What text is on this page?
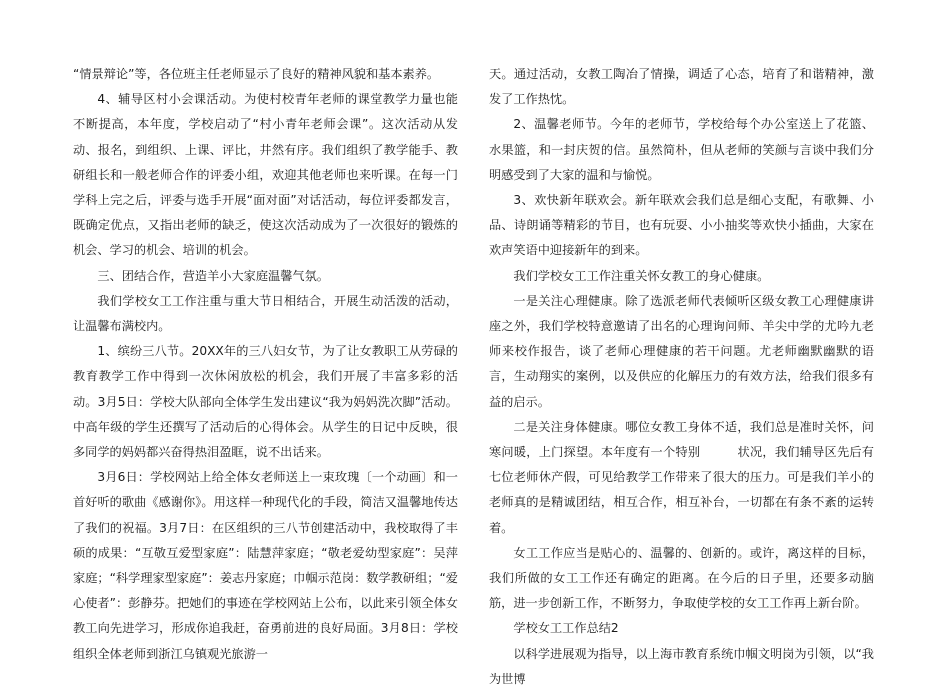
“情景辩论”等，各位班主任老师显示了良好的精神风貌和基本素养。

4、辅导区村小会课活动。为使村校青年老师的课堂教学力量也能不断提高，本年度，学校启动了“村小青年老师会课”。这次活动从发动、报名，到组织、上课、评比，井然有序。我们组织了教学能手、教研组长和一般老师合作的评委小组，欢迎其他老师也来听课。在每一门学科上完之后，评委与选手开展“面对面”对话活动，每位评委都发言，既确定优点，又指出老师的缺乏，使这次活动成为了一次很好的锻炼的机会、学习的机会、培训的机会。

三、团结合作，营造羊小大家庭温馨气氛。

我们学校女工工作注重与重大节日相结合，开展生动活泼的活动，让温馨布满校内。

1、缤纷三八节。20XX年的三八妇女节，为了让女教职工从劳碌的教育教学工作中得到一次休闲放松的机会，我们开展了丰富多彩的活动。3月5日：学校大队部向全体学生发出建议“我为妈妈洗次脚”活动。中高年级的学生还撰写了活动后的心得体会。从学生的日记中反映，很多同学的妈妈都兴奋得热泪盈眶，说不出话来。

3月6日：学校网站上给全体女老师送上一束玫瑰〔一个动画〕和一首好听的歌曲《感谢你》。用这样一种现代化的手段，简洁又温馨地传达了我们的祝福。3月7日：在区组织的三八节创建活动中，我校取得了丰硕的成果：“互敬互爱型家庭”：陆慧萍家庭；“敬老爱幼型家庭”：吴萍家庭；“科学理家型家庭”：姜志丹家庭；巾帼示范岗：数学教研组；“爱心使者”：彭静芬。把她们的事迹在学校网站上公布，以此来引领全体女教工向先进学习，形成你追我赶，奋勇前进的良好局面。3月8日：学校组织全体老师到浙江乌镇观光旅游一

天。通过活动，女教工陶冶了情操，调适了心态，培育了和谐精神，激发了工作热忱。

2、温馨老师节。今年的老师节，学校给每个办公室送上了花篮、水果篮，和一封庆贺的信。虽然简朴，但从老师的笑颜与言谈中我们分明感受到了大家的温和与愉悦。

3、欢快新年联欢会。新年联欢会我们总是细心支配，有歌舞、小品、诗朗诵等精彩的节目，也有玩耍、小小抽奖等欢快小插曲，大家在欢声笑语中迎接新年的到来。

我们学校女工工作注重关怀女教工的身心健康。

一是关注心理健康。除了选派老师代表倾听区级女教工心理健康讲座之外，我们学校特意邀请了出名的心理询问师、羊尖中学的尤吟九老师来校作报告，谈了老师心理健康的若干问题。尤老师幽默幽默的语言，生动翔实的案例，以及供应的化解压力的有效方法，给我们很多有益的启示。

二是关注身体健康。哪位女教工身体不适，我们总是准时关怀，问寒问暖，上门探望。本年度有一个特别　　　状况，我们辅导区先后有七位老师休产假，可见给教学工作带来了很大的压力。可是我们羊小的老师真的是精诚团结，相互合作，相互补台，一切都在有条不紊的运转着。

女工工作应当是贴心的、温馨的、创新的。或许，离这样的目标，我们所做的女工工作还有确定的距离。在今后的日子里，还要多动脑筋，进一步创新工作，不断努力，争取使学校的女工工作再上新台阶。

学校女工工作总结2

以科学进展观为指导，以上海市教育系统巾帼文明岗为引领，以“我为世博
